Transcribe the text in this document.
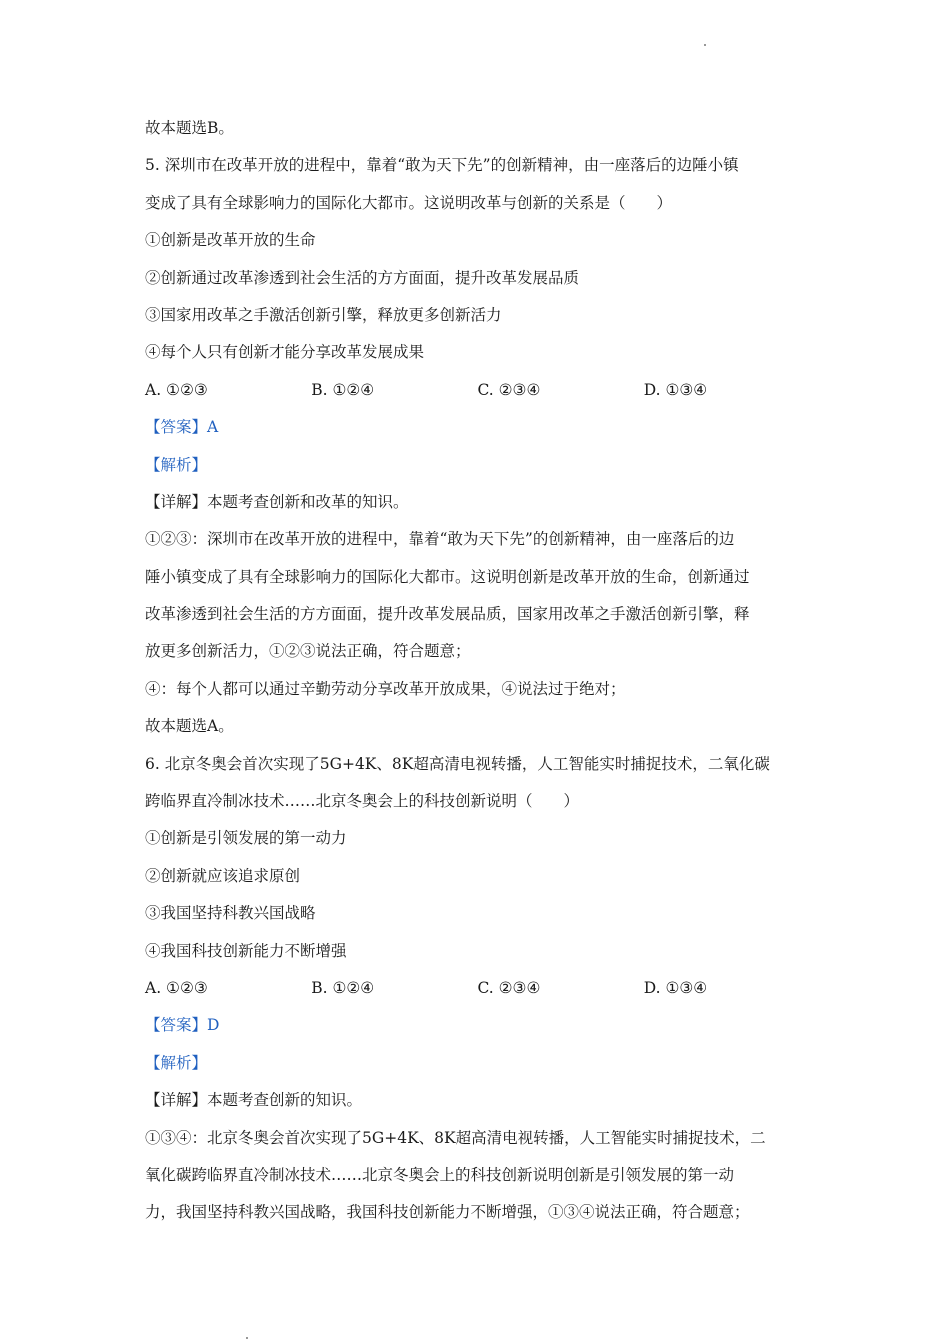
故本题选B。
5. 深圳市在改革开放的进程中，靠着“敢为天下先”的创新精神，由一座落后的边陲小镇
变成了具有全球影响力的国际化大都市。这说明改革与创新的关系是（　　）
①创新是改革开放的生命
②创新通过改革渗透到社会生活的方方面面，提升改革发展品质
③国家用改革之手激活创新引擎，释放更多创新活力
④每个人只有创新才能分享改革发展成果
A. ①②③	B. ①②④	C. ②③④	D. ①③④
【答案】A
【解析】
【详解】本题考查创新和改革的知识。
①②③：深圳市在改革开放的进程中，靠着“敢为天下先”的创新精神，由一座落后的边
陲小镇变成了具有全球影响力的国际化大都市。这说明创新是改革开放的生命，创新通过
改革渗透到社会生活的方方面面，提升改革发展品质，国家用改革之手激活创新引擎，释
放更多创新活力，①②③说法正确，符合题意；
④：每个人都可以通过辛勤劳动分享改革开放成果，④说法过于绝对；
故本题选A。
6. 北京冬奥会首次实现了5G+4K、8K超高清电视转播，人工智能实时捕捉技术，二氧化碳
跨临界直冷制冰技术……北京冬奥会上的科技创新说明（　　）
①创新是引领发展的第一动力
②创新就应该追求原创
③我国坚持科教兴国战略
④我国科技创新能力不断增强
A. ①②③	B. ①②④	C. ②③④	D. ①③④
【答案】D
【解析】
【详解】本题考查创新的知识。
①③④：北京冬奥会首次实现了5G+4K、8K超高清电视转播，人工智能实时捕捉技术，二
氧化碳跨临界直冷制冰技术……北京冬奥会上的科技创新说明创新是引领发展的第一动
力，我国坚持科教兴国战略，我国科技创新能力不断增强，①③④说法正确，符合题意；
